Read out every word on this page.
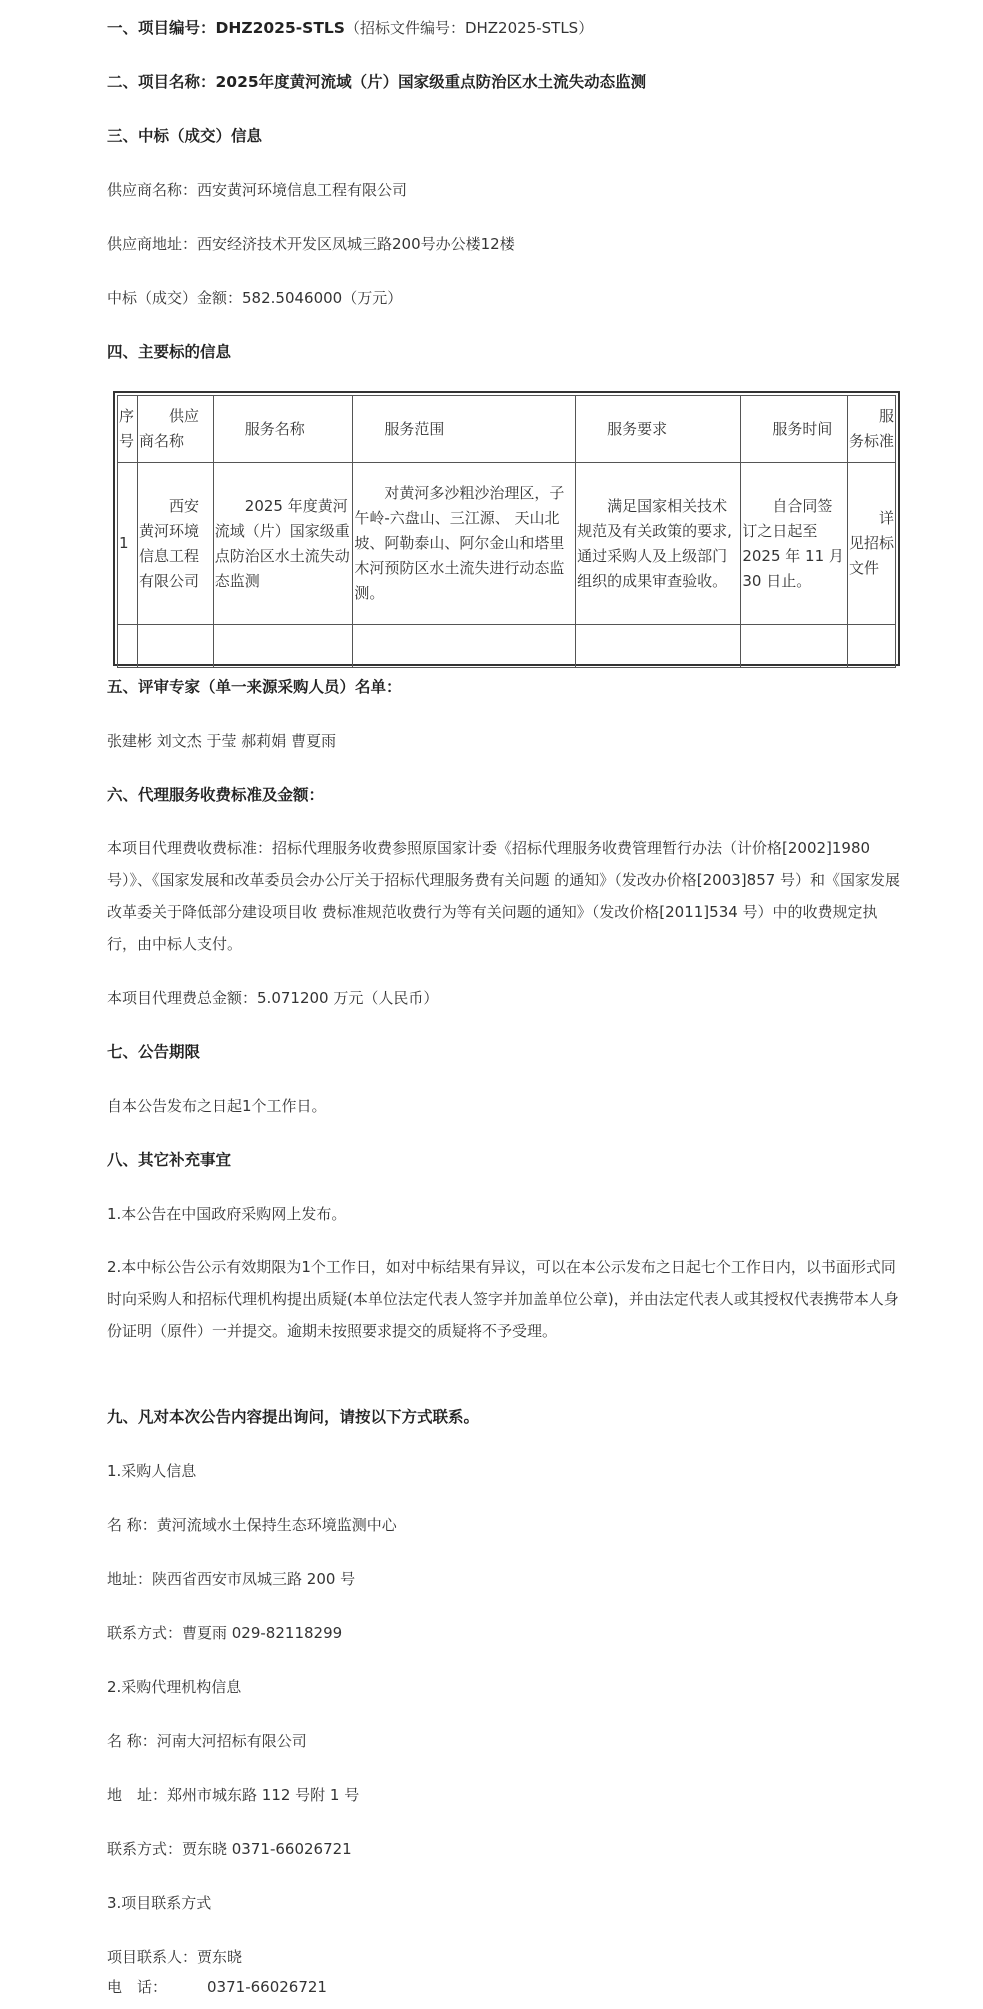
一、项目编号：DHZ2025-STLS（招标文件编号：DHZ2025-STLS）
二、项目名称：2025年度黄河流域（片）国家级重点防治区水土流失动态监测
三、中标（成交）信息
供应商名称：西安黄河环境信息工程有限公司
供应商地址：西安经济技术开发区凤城三路200号办公楼12楼
中标（成交）金额：582.5046000（万元）
四、主要标的信息
序号	供应商名称	服务名称	服务范围	服务要求	服务时间	服务标准
1	西安黄河环境信息工程有限公司	2025 年度黄河流域（片）国家级重点防治区水土流失动态监测	对黄河多沙粗沙治理区，子午岭-六盘山、三江源、 天山北坡、阿勒泰山、阿尔金山和塔里木河预防区水土流失进行动态监 测。	满足国家相关技术规范及有关政策的要求,通过采购人及上级部门组织的成果审查验收。	自合同签订之日起至 2025 年 11 月 30 日止。	详见招标文件

五、评审专家（单一来源采购人员）名单：
张建彬 刘文杰 于莹 郝莉娟 曹夏雨
六、代理服务收费标准及金额：
本项目代理费收费标准：招标代理服务收费参照原国家计委《招标代理服务收费管理暂行办法（计价格[2002]1980 号）》、《国家发展和改革委员会办公厅关于招标代理服务费有关问题 的通知》（发改办价格[2003]857 号）和《国家发展改革委关于降低部分建设项目收 费标准规范收费行为等有关问题的通知》（发改价格[2011]534 号）中的收费规定执 行，由中标人支付。
本项目代理费总金额：5.071200 万元（人民币）
七、公告期限
自本公告发布之日起1个工作日。
八、其它补充事宜
1.本公告在中国政府采购网上发布。
2.本中标公告公示有效期限为1个工作日，如对中标结果有异议，可以在本公示发布之日起七个工作日内，以书面形式同时向采购人和招标代理机构提出质疑(本单位法定代表人签字并加盖单位公章)，并由法定代表人或其授权代表携带本人身份证明（原件）一并提交。逾期未按照要求提交的质疑将不予受理。
九、凡对本次公告内容提出询问，请按以下方式联系。
1.采购人信息
名 称：黄河流域水土保持生态环境监测中心
地址：陕西省西安市凤城三路 200 号
联系方式：曹夏雨 029-82118299
2.采购代理机构信息
名 称：河南大河招标有限公司
地　址：郑州市城东路 112 号附 1 号
联系方式：贾东晓 0371-66026721
3.项目联系方式
项目联系人：贾东晓
电　话：	0371-66026721
